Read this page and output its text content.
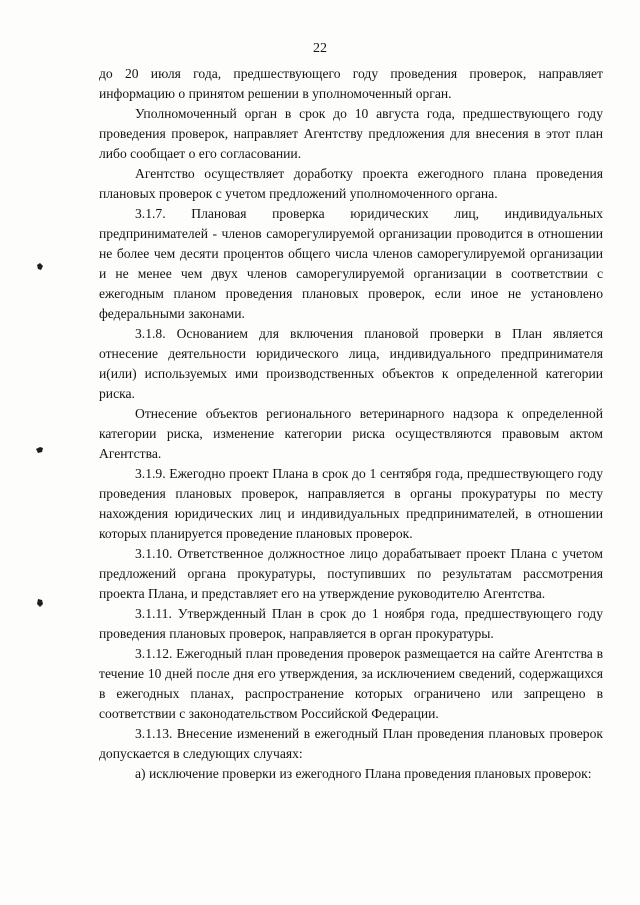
22

до 20 июля года, предшествующего году проведения проверок, направляет информацию о принятом решении в уполномоченный орган.

Уполномоченный орган в срок до 10 августа года, предшествующего году проведения проверок, направляет Агентству предложения для внесения в этот план либо сообщает о его согласовании.

Агентство осуществляет доработку проекта ежегодного плана проведения плановых проверок с учетом предложений уполномоченного органа.

3.1.7. Плановая проверка юридических лиц, индивидуальных предпринимателей - членов саморегулируемой организации проводится в отношении не более чем десяти процентов общего числа членов саморегулируемой организации и не менее чем двух членов саморегулируемой организации в соответствии с ежегодным планом проведения плановых проверок, если иное не установлено федеральными законами.

3.1.8. Основанием для включения плановой проверки в План является отнесение деятельности юридического лица, индивидуального предпринимателя и(или) используемых ими производственных объектов к определенной категории риска.

Отнесение объектов регионального ветеринарного надзора к определенной категории риска, изменение категории риска осуществляются правовым актом Агентства.

3.1.9. Ежегодно проект Плана в срок до 1 сентября года, предшествующего году проведения плановых проверок, направляется в органы прокуратуры по месту нахождения юридических лиц и индивидуальных предпринимателей, в отношении которых планируется проведение плановых проверок.

3.1.10. Ответственное должностное лицо дорабатывает проект Плана с учетом предложений органа прокуратуры, поступивших по результатам рассмотрения проекта Плана, и представляет его на утверждение руководителю Агентства.

3.1.11. Утвержденный План в срок до 1 ноября года, предшествующего году проведения плановых проверок, направляется в орган прокуратуры.

3.1.12. Ежегодный план проведения проверок размещается на сайте Агентства в течение 10 дней после дня его утверждения, за исключением сведений, содержащихся в ежегодных планах, распространение которых ограничено или запрещено в соответствии с законодательством Российской Федерации.

3.1.13. Внесение изменений в ежегодный План проведения плановых проверок допускается в следующих случаях:

а) исключение проверки из ежегодного Плана проведения плановых проверок:
